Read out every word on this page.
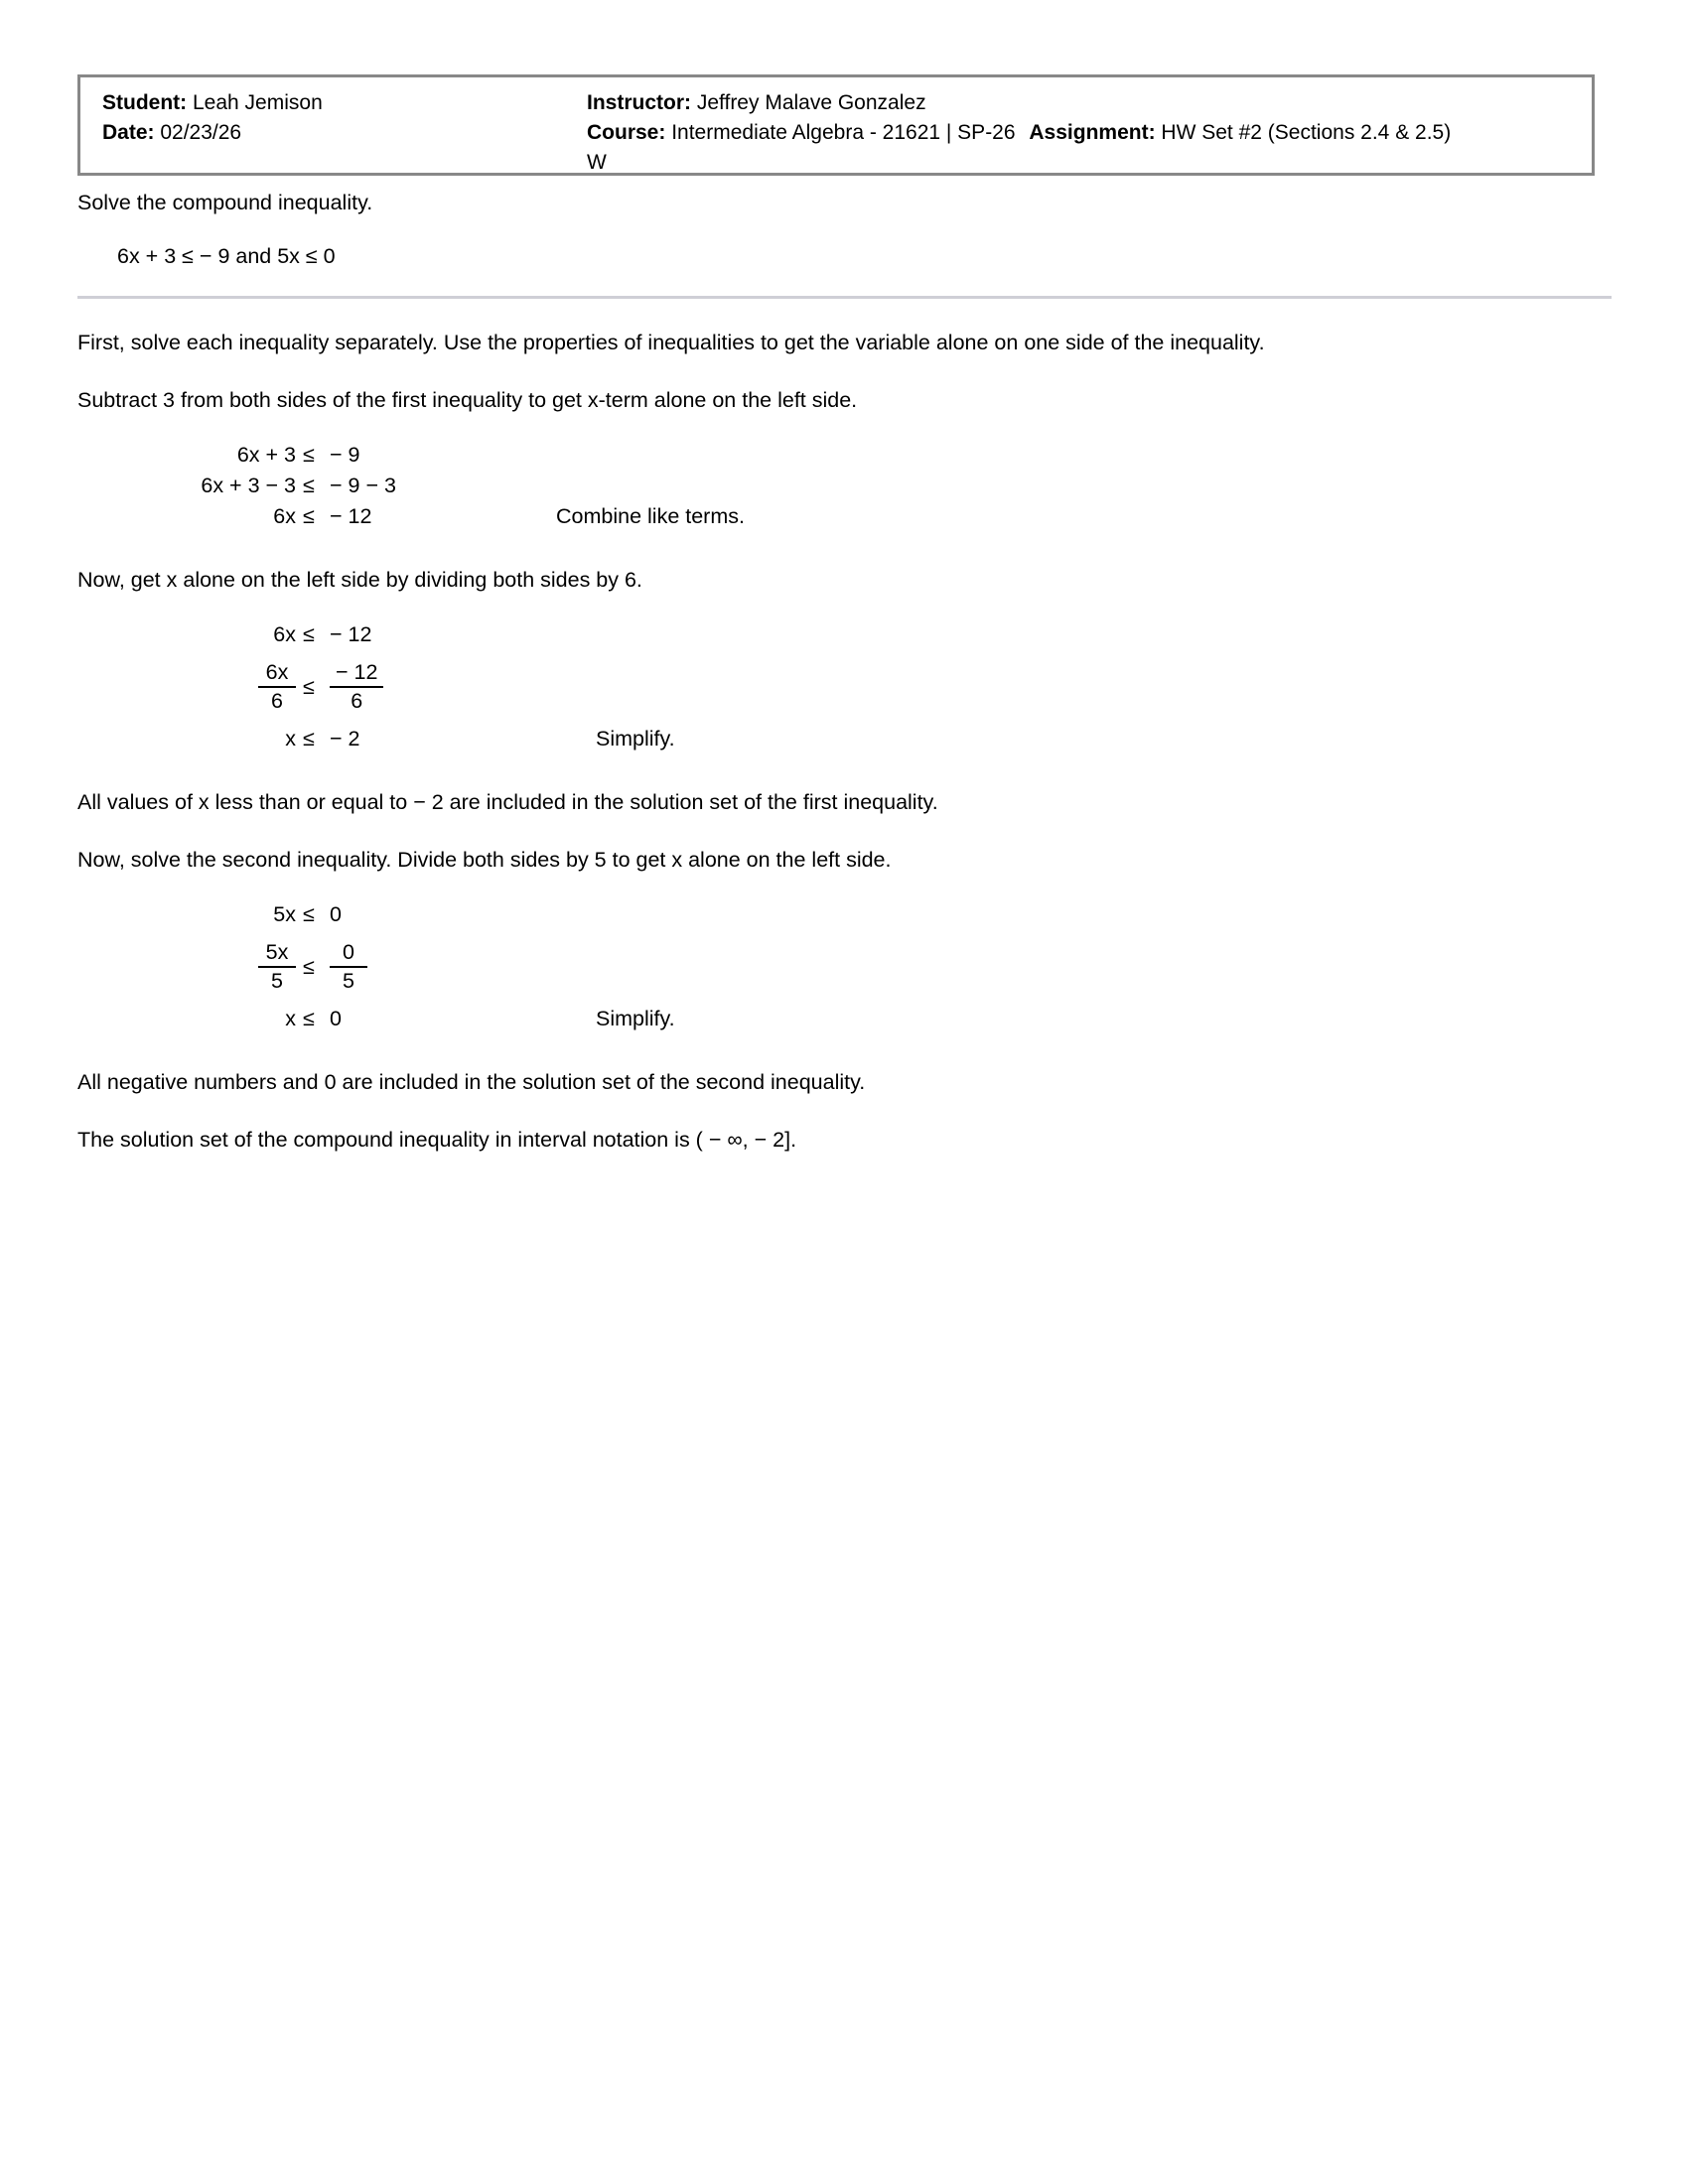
Student: Leah Jemison
Date: 02/23/26
Instructor: Jeffrey Malave Gonzalez
Course: Intermediate Algebra - 21621 | SP-26 Assignment: HW Set #2 (Sections 2.4 & 2.5)
W

Solve the compound inequality.

6x + 3 ≤ − 9 and 5x ≤ 0

First, solve each inequality separately. Use the properties of inequalities to get the variable alone on one side of the inequality.

Subtract 3 from both sides of the first inequality to get x-term alone on the left side.

6x + 3 ≤ − 9
6x + 3 − 3 ≤ − 9 − 3
6x ≤ − 12	Combine like terms.

Now, get x alone on the left side by dividing both sides by 6.

6x ≤ − 12
$\frac{6x}{6} \le \frac{- 12}{6}$
x ≤ − 2	Simplify.

All values of x less than or equal to − 2 are included in the solution set of the first inequality.

Now, solve the second inequality. Divide both sides by 5 to get x alone on the left side.

5x ≤ 0
$\frac{5x}{5} \le \frac{0}{5}$
x ≤ 0	Simplify.

All negative numbers and 0 are included in the solution set of the second inequality.

The solution set of the compound inequality in interval notation is ( − ∞, − 2].
